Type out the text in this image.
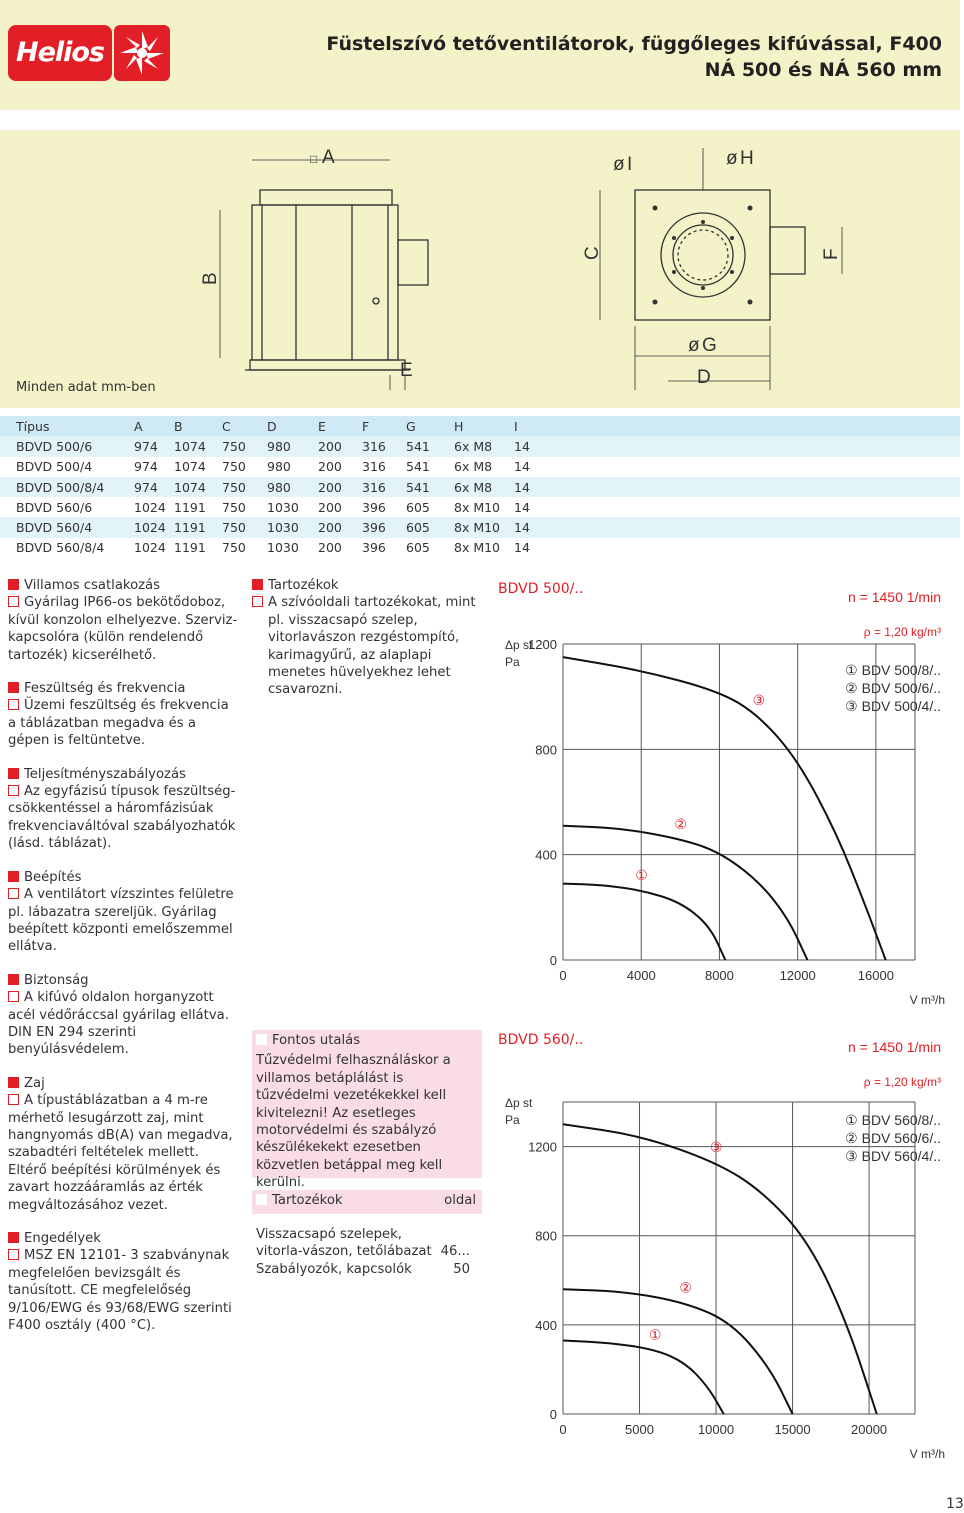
Helios	Füstelszívó tetőventilátorok, függőleges kifúvással, F400
NÁ 500 és NÁ 560 mm
□ A
B
C
D
E
F
G
H
I
ø	ø
ø
Minden adat mm-ben
Típus	A	B	C	D	E	F	G	H	I
BDVD 500/6	974	1074	750	980	200	316	541	6x M8	14
BDVD 500/4	974	1074	750	980	200	316	541	6x M8	14
BDVD 500/8/4	974	1074	750	980	200	316	541	6x M8	14
BDVD 560/6	1024	1191	750	1030	200	396	605	8x M10	14
BDVD 560/4	1024	1191	750	1030	200	396	605	8x M10	14
BDVD 560/8/4	1024	1191	750	1030	200	396	605	8x M10	14
Villamos csatlakozás
Gyárilag IP66-os bekötődoboz, kívül konzolon elhelyezve. Szerviz-kapcsolóra (külön rendelendő tartozék) kicserélhető.
Feszültség és frekvencia
Üzemi feszültség és frekvencia a táblázatban megadva és a gépen is feltüntetve.
Teljesítményszabályozás
Az egyfázisú típusok feszültség-csökkentéssel a háromfázisúak frekvenciaváltóval szabályozhatók (lásd. táblázat).
Beépítés
A ventilátort vízszintes felületre pl. lábazatra szereljük. Gyárilag beépített központi emelőszemmel ellátva.
Biztonság
A kifúvó oldalon horganyzott acél védőráccsal gyárilag ellátva. DIN EN 294 szerinti benyúlásvédelem.
Zaj
A típustáblázatban a 4 m-re mérhető lesugárzott zaj, mint hangnyomás dB(A) van megadva, szabadtéri feltételek mellett. Eltérő beépítési körülmények és zavart hozzááramlás az érték megváltozásához vezet.
Engedélyek
MSZ EN 12101- 3 szabványnak megfelelően bevizsgált és tanúsított. CE megfelelőség 9/106/EWG és 93/68/EWG szerinti F400 osztály (400 °C).
Tartozékok
A szívóoldali tartozékokat, mint pl. visszacsapó szelep, vitorlavászon rezgéstompító, karimagyűrű, az alaplapi menetes hüvelyekhez lehet csavarozni.
Fontos utalás
Tűzvédelmi felhasználáskor a villamos betáplálást is tűzvédelmi vezetékekkel kell kivitelezni! Az esetleges motorvédelmi és szabályzó készülékekekt ezesetben közvetlen betáppal meg kell kerülni.
Tartozékok	oldal
Visszacsapó szelepek, vitorla-vászon, tetőlábazat 46...
Szabályozók, kapcsolók	50
BDVD 500/..
0	4000	8000	12000	16000
0
400
800
1200
①
②
③
Δp st
Pa
V m³/h
n = 1450 1/min
ρ = 1,20 kg/m³
① BDV 500/8/..
② BDV 500/6/..
③ BDV 500/4/..
BDVD 560/..
0	5000	10000	15000	20000
0
400
800
1200
①
②
③
Δp st
Pa
V m³/h
n = 1450 1/min
ρ = 1,20 kg/m³
① BDV 560/8/..
② BDV 560/6/..
③ BDV 560/4/..
13
